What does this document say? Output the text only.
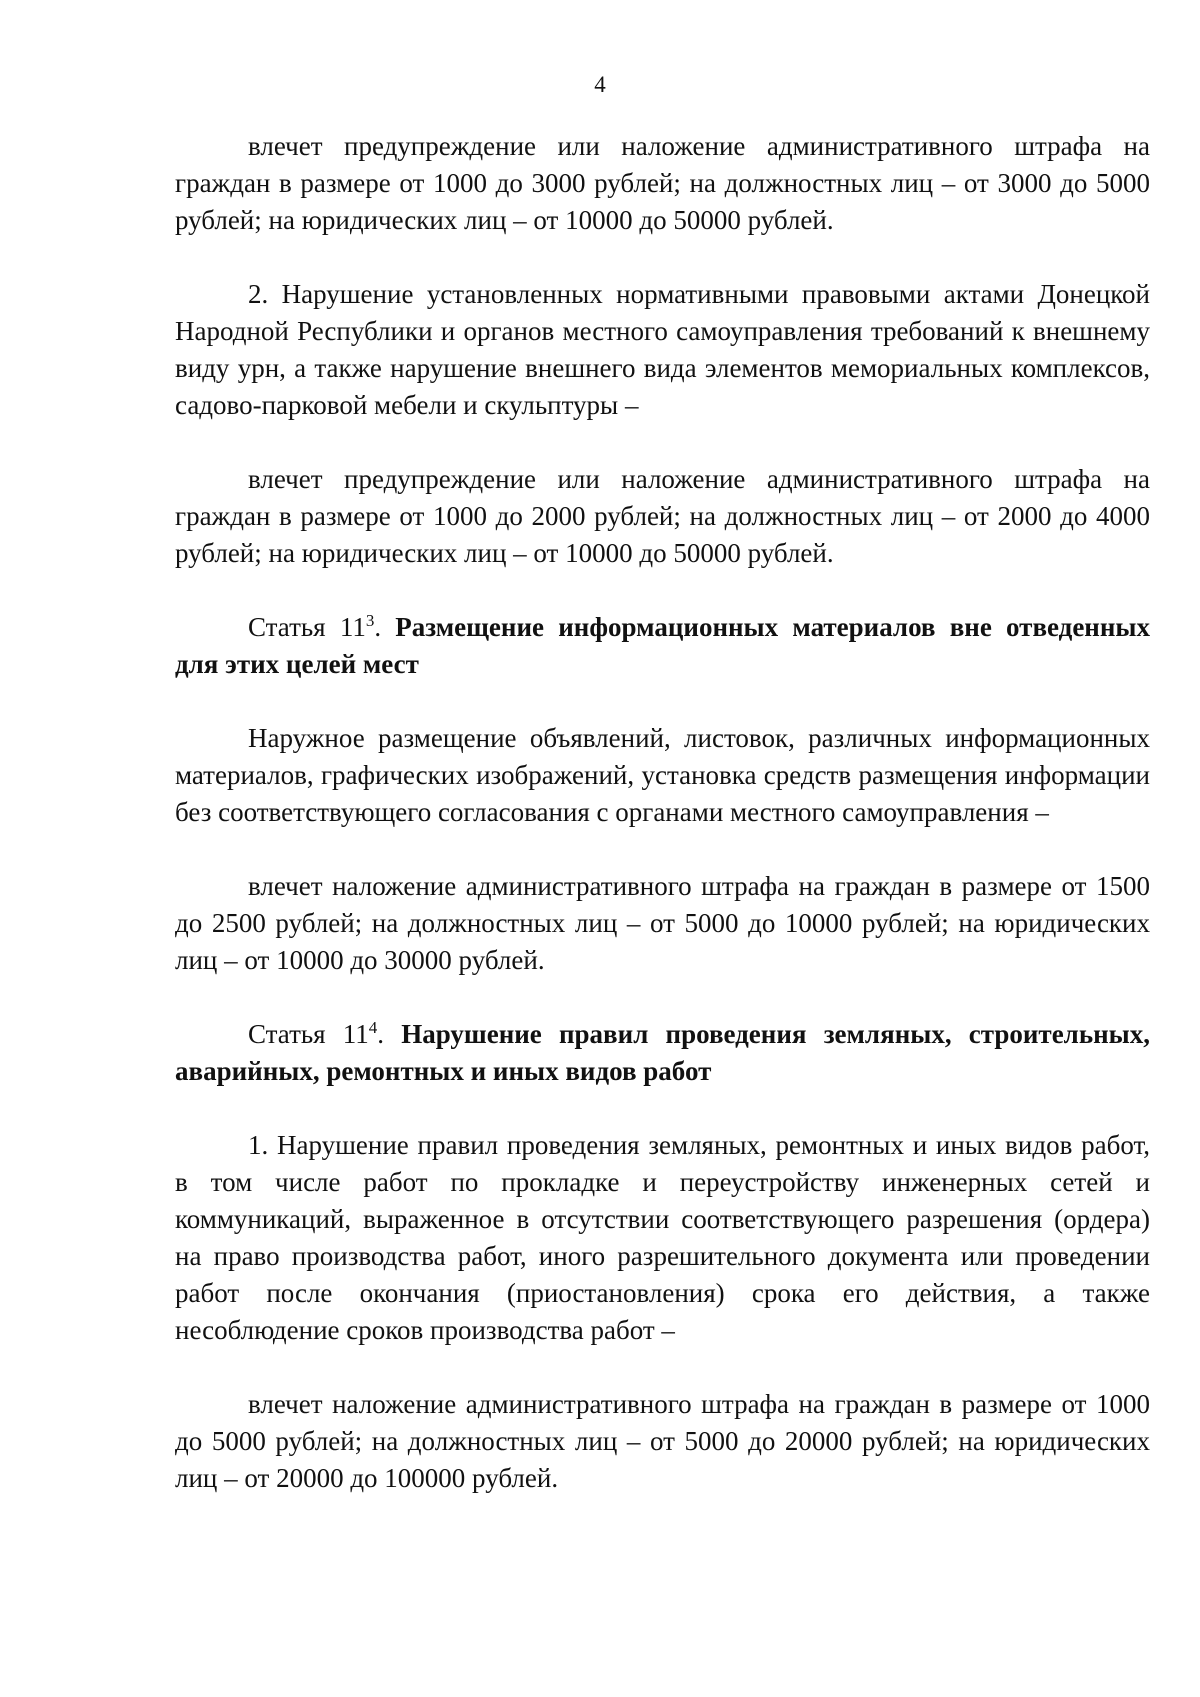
4

влечет предупреждение или наложение административного штрафа на граждан в размере от 1000 до 3000 рублей; на должностных лиц – от 3000 до 5000 рублей; на юридических лиц – от 10000 до 50000 рублей.

2. Нарушение установленных нормативными правовыми актами Донецкой Народной Республики и органов местного самоуправления требований к внешнему виду урн, а также нарушение внешнего вида элементов мемориальных комплексов, садово-парковой мебели и скульптуры –

влечет предупреждение или наложение административного штрафа на граждан в размере от 1000 до 2000 рублей; на должностных лиц – от 2000 до 4000 рублей; на юридических лиц – от 10000 до 50000 рублей.

Статья $11^3$. Размещение информационных материалов вне отведенных для этих целей мест

Наружное размещение объявлений, листовок, различных информационных материалов, графических изображений, установка средств размещения информации без соответствующего согласования с органами местного самоуправления –

влечет наложение административного штрафа на граждан в размере от 1500 до 2500 рублей; на должностных лиц – от 5000 до 10000 рублей; на юридических лиц – от 10000 до 30000 рублей.

Статья $11^4$. Нарушение правил проведения земляных, строительных, аварийных, ремонтных и иных видов работ

1. Нарушение правил проведения земляных, ремонтных и иных видов работ, в том числе работ по прокладке и переустройству инженерных сетей и коммуникаций, выраженное в отсутствии соответствующего разрешения (ордера) на право производства работ, иного разрешительного документа или проведении работ после окончания (приостановления) срока его действия, а также несоблюдение сроков производства работ –

влечет наложение административного штрафа на граждан в размере от 1000 до 5000 рублей; на должностных лиц – от 5000 до 20000 рублей; на юридических лиц – от 20000 до 100000 рублей.
